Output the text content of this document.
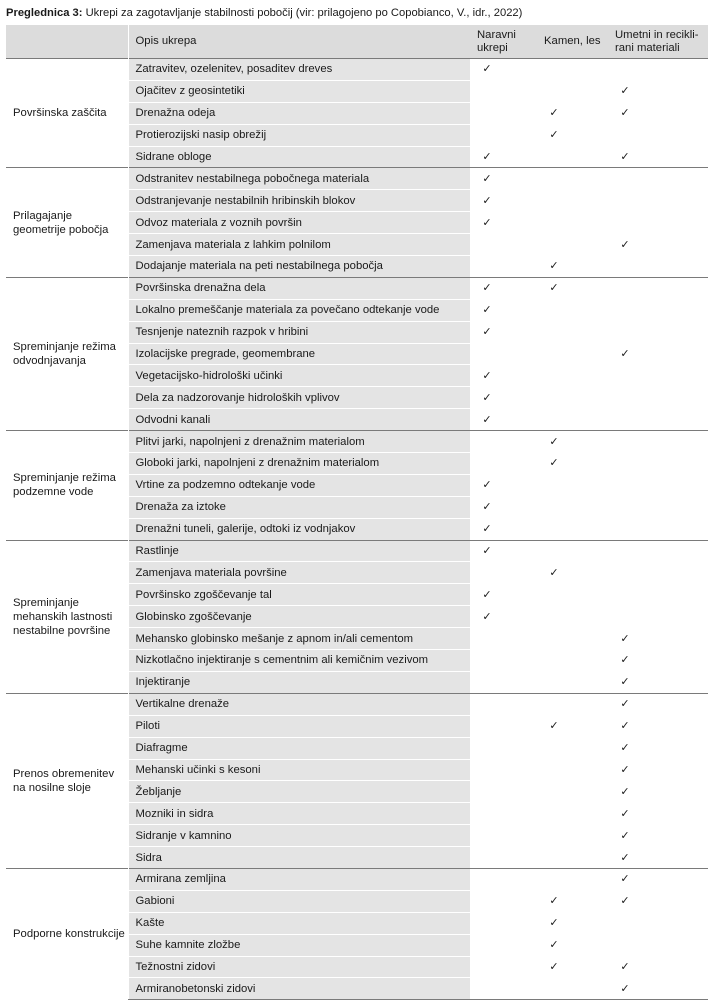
Preglednica 3: Ukrepi za zagotavljanje stabilnosti pobočij (vir: prilagojeno po Copobianco, V., idr., 2022)
	Opis ukrepa	Naravni ukrepi	Kamen, les	Umetni in recikli-rani materiali
Površinska zaščita	Zatravitev, ozelenitev, posaditev dreves	✓		
	Ojačitev z geosintetiki			✓
	Drenažna odeja		✓	✓
	Protierozijski nasip obrežij		✓	
	Sidrane obloge	✓		✓
Prilagajanje geometrije pobočja	Odstranitev nestabilnega pobočnega materiala	✓		
	Odstranjevanje nestabilnih hribinskih blokov	✓		
	Odvoz materiala z voznih površin	✓		
	Zamenjava materiala z lahkim polnilom			✓
	Dodajanje materiala na peti nestabilnega pobočja		✓	
Spreminjanje režima odvodnjavanja	Površinska drenažna dela	✓	✓	
	Lokalno premeščanje materiala za povečano odtekanje vode	✓		
	Tesnjenje nateznih razpok v hribini	✓		
	Izolacijske pregrade, geomembrane			✓
	Vegetacijsko-hidrološki učinki	✓		
	Dela za nadzorovanje hidroloških vplivov	✓		
	Odvodni kanali	✓		
Spreminjanje režima podzemne vode	Plitvi jarki, napolnjeni z drenažnim materialom		✓	
	Globoki jarki, napolnjeni z drenažnim materialom		✓	
	Vrtine za podzemno odtekanje vode	✓		
	Drenaža za iztoke	✓		
	Drenažni tuneli, galerije, odtoki iz vodnjakov	✓		
Spreminjanje mehanskih lastnosti nestabilne površine	Rastlinje	✓		
	Zamenjava materiala površine		✓	
	Površinsko zgoščevanje tal	✓		
	Globinsko zgoščevanje	✓		
	Mehansko globinsko mešanje z apnom in/ali cementom			✓
	Nizkotlačno injektiranje s cementnim ali kemičnim vezivom			✓
	Injektiranje			✓
Prenos obremenitev na nosilne sloje	Vertikalne drenaže			✓
	Piloti		✓	✓
	Diafragme			✓
	Mehanski učinki s kesoni			✓
	Žebljanje			✓
	Mozniki in sidra			✓
	Sidranje v kamnino			✓
	Sidra			✓
Podporne konstrukcije	Armirana zemljina			✓
	Gabioni		✓	✓
	Kašte		✓	
	Suhe kamnite zložbe		✓	
	Težnostni zidovi		✓	✓
	Armiranobetonski zidovi			✓
